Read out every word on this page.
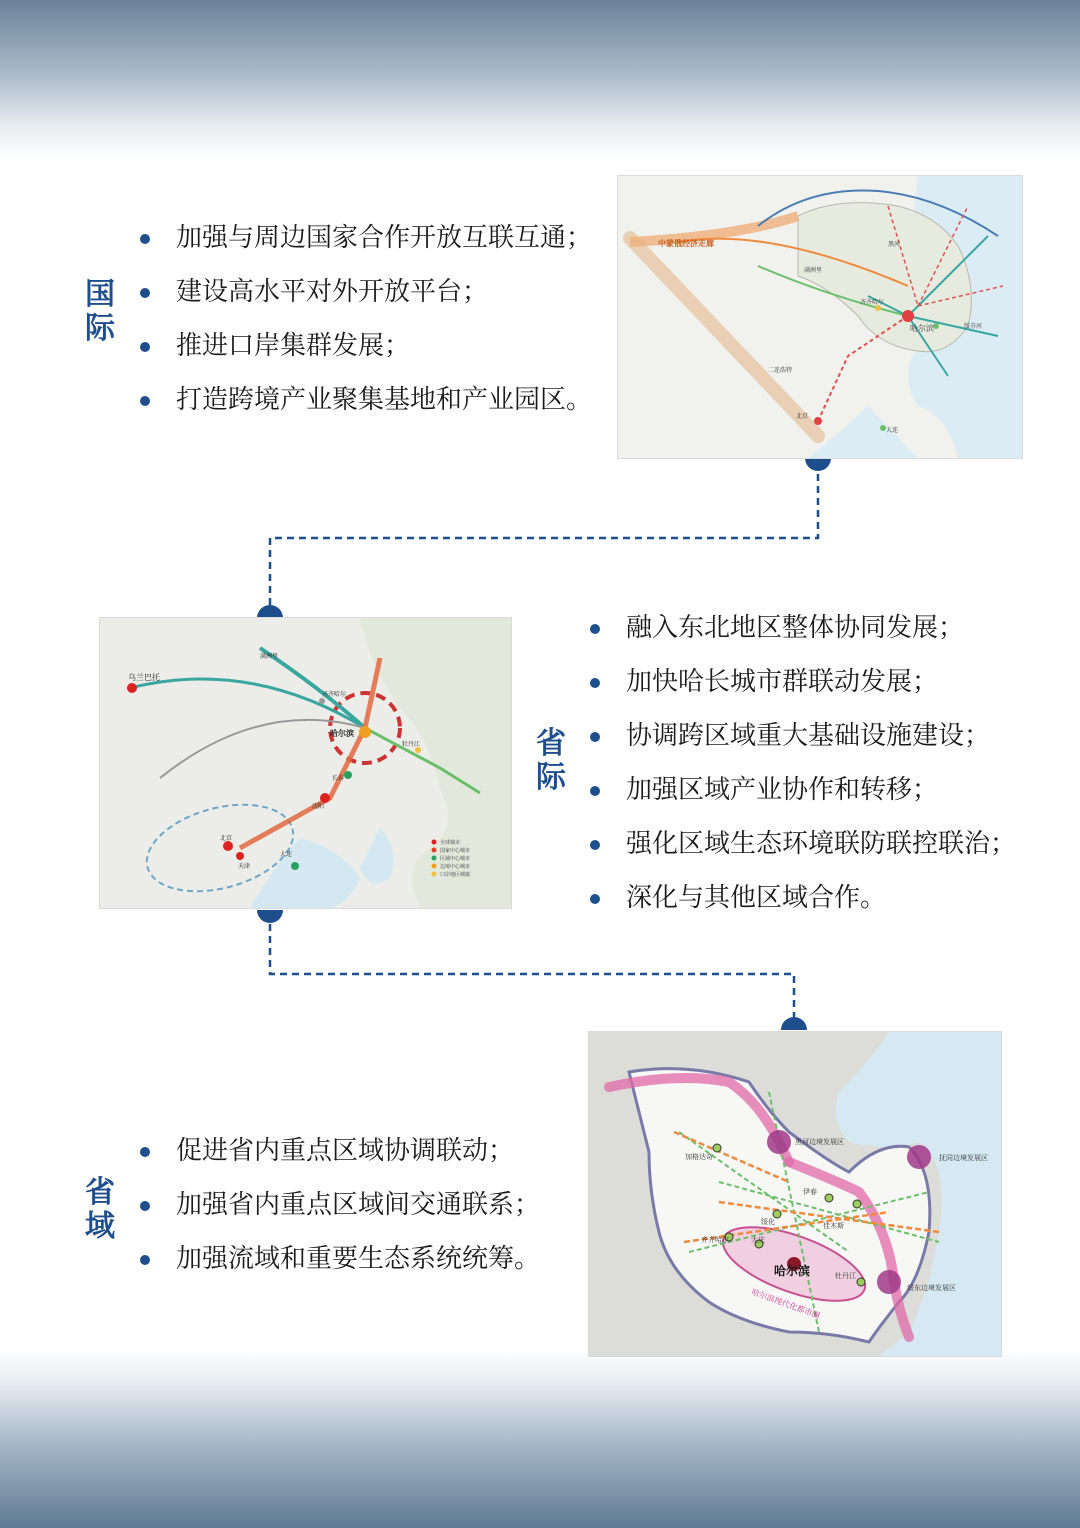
国
际
加强与周边国家合作开放互联互通；
建设高水平对外开放平台；
推进口岸集群发展；
打造跨境产业聚集基地和产业园区。
中蒙俄经济走廊
哈尔滨
齐齐哈尔
北京
大连
二连浩特
满洲里
绥芬河
黑河
乌兰巴托
满洲里
哈尔滨
长春
沈阳
北京
天津
大连
齐齐哈尔
牡丹江
全球城市
国家中心城市
区域中心城市
边境中心城市
口岸地区城镇
省
际
融入东北地区整体协同发展；
加快哈长城市群联动发展；
协调跨区域重大基础设施建设；
加强区域产业协作和转移；
强化区域生态环境联防联控联治；
深化与其他区域合作。
省
域
促进省内重点区域协调联动；
加强省内重点区域间交通联系；
加强流域和重要生态系统统筹。	哈尔滨
哈尔滨现代化都市圈
黑河边境发展区
抚同边境发展区
绥东边境发展区
加格达奇
伊春
绥化	佳木斯
大庆
齐齐哈尔
牡丹江
